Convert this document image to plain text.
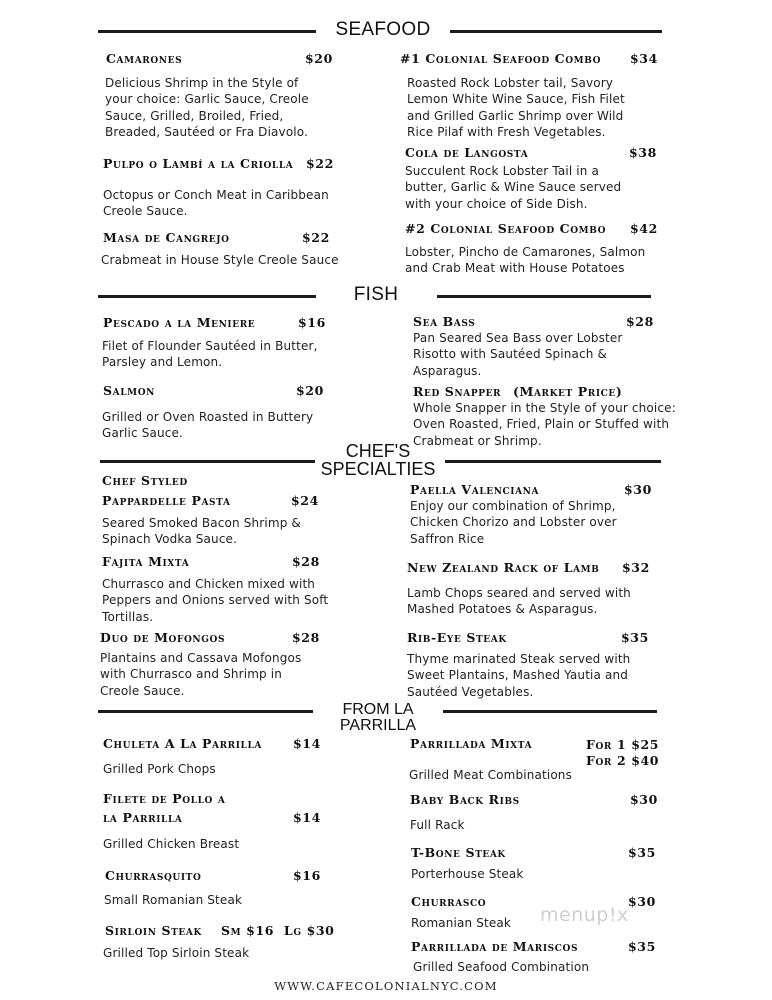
SEAFOOD
Camarones	$20
Delicious Shrimp in the Style of your choice: Garlic Sauce, Creole Sauce, Grilled, Broiled, Fried, Breaded, Sautéed or Fra Diavolo.
Pulpo o Lambí a la Criolla $22
Octopus or Conch Meat in Caribbean Creole Sauce.
Masa de Cangrejo	$22
Crabmeat in House Style Creole Sauce
#1 Colonial Seafood Combo $34
Roasted Rock Lobster tail, Savory Lemon White Wine Sauce, Fish Filet and Grilled Garlic Shrimp over Wild Rice Pilaf with Fresh Vegetables.
Cola de Langosta	$38
Succulent Rock Lobster Tail in a butter, Garlic & Wine Sauce served with your choice of Side Dish.
#2 Colonial Seafood Combo $42
Lobster, Pincho de Camarones, Salmon and Crab Meat with House Potatoes
FISH
Pescado a la Meniere	$16
Filet of Flounder Sautéed in Butter, Parsley and Lemon.
Salmon	$20
Grilled or Oven Roasted in Buttery Garlic Sauce.
Sea Bass	$28
Pan Seared Sea Bass over Lobster Risotto with Sautéed Spinach & Asparagus.
Red Snapper (Market Price)
Whole Snapper in the Style of your choice: Oven Roasted, Fried, Plain or Stuffed with Crabmeat or Shrimp.
CHEF'S
SPECIALTIES
Chef Styled
Pappardelle Pasta	$24
Seared Smoked Bacon Shrimp & Spinach Vodka Sauce.
Fajita Mixta	$28
Churrasco and Chicken mixed with Peppers and Onions served with Soft Tortillas.
Duo de Mofongos	$28
Plantains and Cassava Mofongos with Churrasco and Shrimp in Creole Sauce.
Paella Valenciana	$30
Enjoy our combination of Shrimp, Chicken Chorizo and Lobster over Saffron Rice
New Zealand Rack of Lamb $32
Lamb Chops seared and served with Mashed Potatoes & Asparagus.
Rib-Eye Steak	$35
Thyme marinated Steak served with Sweet Plantains, Mashed Yautia and Sautéed Vegetables.
FROM LA
PARRILLA
Chuleta A La Parrilla $14
Grilled Pork Chops
Filete de Pollo a
la Parrilla	$14
Grilled Chicken Breast
Churrasquito	$16
Small Romanian Steak
Sirloin Steak Sm $16  Lg $30
Grilled Top Sirloin Steak
Parrillada Mixta	For 1 $25
For 2 $40
Grilled Meat Combinations
Baby Back Ribs	$30
Full Rack
T-Bone Steak	$35
Porterhouse Steak
Churrasco	$30
Romanian Steak
Parrillada de Mariscos	$35
Grilled Seafood Combination
menup!x
WWW.CAFECOLONIALNYC.COM
